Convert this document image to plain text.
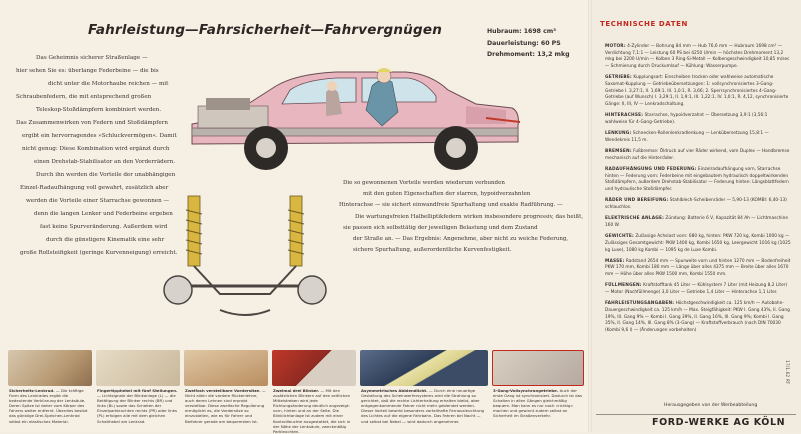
Fahrleistung—Fahrsicherheit—Fahrvergnügen	Hubraum: 1698 cm³
Dauerleistung: 60 PS
Drehmoment: 13,2 mkg
Das Geheimnis sicherer Straßenlage —
hier sehen Sie es: überlange Federbeine — die bis
dicht unter die Motorhaube reichen — mit
Schraubenfedern, die mit entsprechend großen
Teleskop-Stoßdämpfern kombiniert werden.
Das Zusammenwirken von Federn und Stoßdämpfern
ergibt ein hervorragendes »Schluckvermögen«. Damit
nicht genug: Diese Kombination wird ergänzt durch
einen Drehstab-Stabilisator an den Vorderrädern.
Durch ihn werden die Vorteile der unabhängigen
Einzel-Radaufhängung voll gewahrt, zusätzlich aber
werden die Vorteile einer Starrachse gewonnen —
denn die langen Lenker und Federbeine ergeben
fast keine Spurveränderung. Außerdem wird
durch die günstigere Kinematik eine sehr
große Rollsteifigkeit (geringe Kurvenneigung) erreicht.
Die so gewonnenen Vorteile werden wiederum verbunden
mit den guten Eigenschaften der starren, hypoidverzahnten
Hinterachse — sie sichert einwandfreie Spurhaltung und exakte Radführung. —
Die wartungsfreien Halbelliptikfedern wirken insbesondere progressiv, das heißt,
sie passen sich selbsttätig der jeweiligen Belastung und dem Zustand
der Straße an. — Das Ergebnis: Angenehme, aber nicht zu weiche Federung,
sichere Spurhaltung, außerordentliche Kurvenfestigkeit.
Sicherheits-Lenkrad. — Die kräftige Form des Lenkrades ergibt die bedeutende Verkürzung der Lenksäule. Deren Spitze ist daher vom Körper des Fahrers weiter entfernt. Überdies besitzt das günstige Drei-Speichen-Lenkrad selbst ein elastisches Material.
Fingertipphebel mit fünf Stellungen. — Lichtsignale der Blinkanlage (L) — die Betätigung der Blinker rechts (BR) und links (BL) sowie das Schalten der Einzelparkleuchten rechts (PR) oder links (PL) erfolgen alle mit dem gleichen Schalthebel am Lenkrad.
Zweifach verstellbare Vordersitze. — Nicht allein die vordere Rückenlehne, auch deren Lehnen sind erprobt verstellbar. Diese zweifache Regulierung ermöglicht es, die Vordersitze so einzustellen, wie es für Fahrer und Beifahrer gerade am bequemsten ist.
Zweimal drei Blinker. — Mit den zusätzlichen Blinkern auf den seitlichen Mittelstreben wird jede Richtungsänderung deutlich angezeigt: vorn, hinten und an der Seite. Die Blinklichtanlage ist zudem mit einer Kontrollleuchte ausgestattet, die sich in der Nähe der Lenksäule, zweckmäßig Parkleuchten.
Asymmetrisches Abblendlicht. — Durch eine neuartige Gestaltung des Scheinwerfersystems wird die Strahlung so gerichtet, daß die rechte Lichterhaltung erhalten bleibt, aber entgegenkommende Fahrer nicht mehr geblendet werden. Dieser Vorteil bewirkt besonders vorteilhafte Fernausleuchtung des Lichtes auf die eigene Fahrbahn. Das Fahren bei Nacht — und selbst bei Nebel — wird dadurch angenehmer.
3-Gang-Vollsynchrongetriebe. Auch der erste Gang ist synchronisiert. Dadurch ist das Schalten in allen Gängen gleichmäßig bequem. Man kann es nur noch »richtig« machen und gewinnt zudem selbst an Sicherheit im Straßenverkehr.
TECHNISCHE DATEN

MOTOR: 4-Zylinder — Bohrung 84 mm — Hub 76,6 mm — Hubraum 1698 cm³ — Verdichtung 7,1:1 — Leistung 60 PS bei 4250 U/min — höchstes Drehmoment 13,2 mkg bei 2200 U/min — Kolben 3 Ring-Si-Metall — Kolbengeschwindigkeit 10,85 m/sec — Schmierung durch Druckumlauf — Kühlung: Wasserpumpe.

GETRIEBE: Kupplungsart: Einscheiben trocken oder wahlweise automatische Saxomat-Kupplung — Getriebeübersetzungen: 1: vollsynchronisiertes 3-Gang-Getriebe I. 3,27:1, II. 1,69:1, III. 1,0:1, R. 3,66; 2. Sperrsynchronisiertes 4-Gang-Getriebe (auf Wunsch) I. 3,29:1, II. 1,9:1, III. 1,22:1, IV. 1,0:1, R. 4,12, synchronisierte Gänge: II, III, IV — Lenkradschaltung.

HINTERACHSE: Starrachse, hypoidverzahnt — Übersetzung 3,9:1 (3,56:1 wahlweise für 4-Gang-Getriebe).

LENKUNG: Schnecken-Rollenlenkradlenkung — Lenkübersetzung 15,8:1 — Wendekreis 11,5 m.

BREMSEN: Fußbremse: Öldruck auf vier Räder wirkend, vom Duplex — Handbremse mechanisch auf die Hinterräder.

RADAUFHÄNGUNG UND FEDERUNG: Einzelradaufhängung vorn, Starrachse hinten — Federung vorn: Federbeine mit eingebautem hydraulisch doppeltwirkenden Stoßdämpfern, außerdem Drehstab-Stabilisator — Federung hinten: Längsblattfedern und hydraulische Stoßdämpfer.

RÄDER UND BEREIFUNG: Stahlblech-Scheibenräder — 5,90-13 (KOMBI: 6,40-13) schlauchlos.

ELEKTRISCHE ANLAGE: Zündung: Batterie 6 V, Kapazität 84 Ah — Lichtmaschine 160 W.

GEWICHTE: Zulässige Achslast vorn: 680 kg, hinten: PKW 720 kg, Kombi 1000 kg — Zulässiges Gesamtgewicht: PKW 1400 kg, Kombi 1650 kg, Leergewicht 1016 kg (1025 kg Luxe), 1080 kg Kombi — 1095 kg de Luxe Kombi.

MASSE: Radstand 2654 mm — Spurweite vorn und hinten 1270 mm — Bodenfreiheit PKW 170 mm, Kombi 180 mm — Länge über alles 4375 mm — Breite über alles 1670 mm — Höhe über alles PKW 1500 mm, Kombi 1550 mm.

FÜLLMENGEN: Kraftstofftank 45 Liter — Kühlsystem 7 Liter (mit Heizung 8,2 Liter) — Motor (Nachfüllmenge) 3,0 Liter — Getriebe 1,4 Liter — Hinterachse 1,1 Liter.

FAHRLEISTUNGSANGABEN: Höchstgeschwindigkeit ca. 125 km/h — Autobahn-Dauergeschwindigkeit ca. 125 km/h — Max. Steigfähigkeit: PKW I. Gang 43%, II. Gang 19%, III. Gang 9% — Kombi I. Gang 39%, II. Gang 16%, III. Gang 9%; Kombi I. Gang 35%, II. Gang 14%, III. Gang 8% (3-Gang) — Kraftstoffverbrauch (nach DIN 70030 (Kombi 9,6 l) — (Änderungen vorbehalten)

Herausgegeben von der Werbeabteilung
FORD-WERKE AG KÖLN
17/1.62 RT
